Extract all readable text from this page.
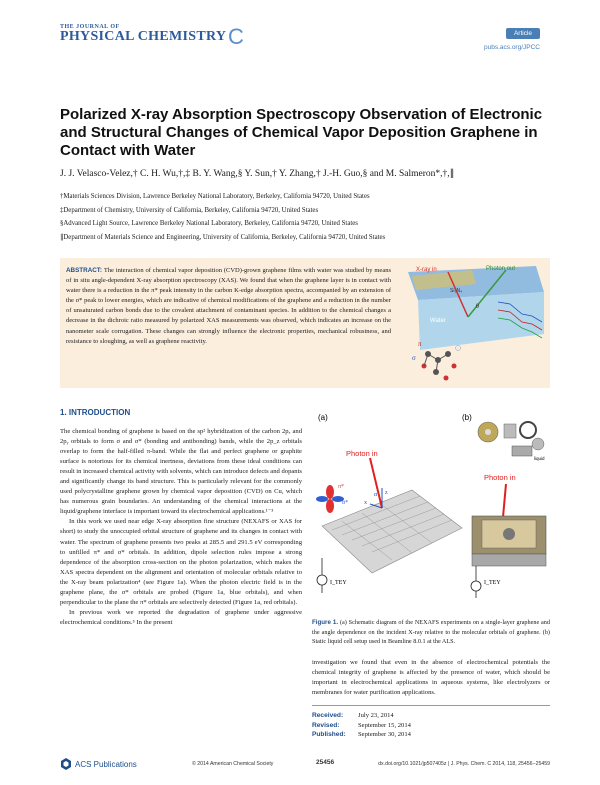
THE JOURNAL OF
PHYSICAL CHEMISTRY C	Article
pubs.acs.org/JPCC
Polarized X-ray Absorption Spectroscopy Observation of Electronic and Structural Changes of Chemical Vapor Deposition Graphene in Contact with Water
J. J. Velasco-Velez,† C. H. Wu,†,‡ B. Y. Wang,§ Y. Sun,† Y. Zhang,† J.-H. Guo,§ and M. Salmeron*,†,∥
†Materials Sciences Division, Lawrence Berkeley National Laboratory, Berkeley, California 94720, United States
‡Department of Chemistry, University of California, Berkeley, California 94720, United States
§Advanced Light Source, Lawrence Berkeley National Laboratory, Berkeley, California 94720, United States
∥Department of Materials Science and Engineering, University of California, Berkeley, California 94720, United States

ABSTRACT: The interaction of chemical vapor deposition (CVD)-grown graphene films with water was studied by means of in situ angle-dependent X-ray absorption spectroscopy (XAS). We found that when the graphene layer is in contact with water there is a reduction in the π* peak intensity in the carbon K-edge absorption spectra, accompanied by an extension of the σ* peak to lower energies, which are indicative of chemical modifications of the graphene and a reduction in the number of unsaturated carbon bonds due to the covalent attachment of contaminant species. In addition to the chemical changes a decrease in the dichroic ratio measured by polarized XAS measurements was observed, which indicates an increase on the nanometer scale corrugation. These changes can strongly influence the electronic properties, mechanical robustness, and resistance to sloughing, as well as graphene reactivity.

X-ray in	Photon out
Si₃N₄
Water
θ
π
σ
1. INTRODUCTION

The chemical bonding of graphene is based on the sp² hybridization of the carbon 2pₓ and 2pᵧ orbitals to form σ and σ* (bonding and antibonding) bands, while the 2p_z orbitals overlap to form the half-filled π-band. While the flat and perfect graphene or graphite surface is notorious for its chemical inertness, deviations from these ideal conditions can result in increased chemical activity with solvents, which can introduce defects and dopants and significantly change its band structure. This is particularly relevant for the commonly used polycrystalline graphene grown by chemical vapor deposition (CVD) on Cu, which has numerous grain boundaries. An understanding of the chemical interactions at the liquid/graphene interface is important toward its electrochemical applications.¹⁻³

In this work we used near edge X-ray absorption fine structure (NEXAFS or XAS for short) to study the unoccupied orbital structure of graphene and its changes in contact with water. The spectrum of graphene presents two peaks at 285.5 and 291.5 eV corresponding to unfilled π* and σ* orbitals. In addition, dipole selection rules impose a strong dependence of the absorption cross-section on the photon polarization, which makes the XAS spectra dependent on the alignment and orientation of molecular orbitals relative to the X-ray beam polarization⁴ (see Figure 1a). When the photon electric field is in the graphene plane, the σ* orbitals are probed (Figure 1a, blue orbitals), and when perpendicular to the plane the π* orbitals are selectively detected (Figure 1a, red orbitals).

In previous work we reported the degradation of graphene under aggressive electrochemical conditions.⁵ In the present

(a)
π*
σ*
Photon in
z
x
α
I_TEY
(b)
liquid
Photon in
I_TEY

Figure 1. (a) Schematic diagram of the NEXAFS experiments on a single-layer graphene and the angle dependence on the incident X-ray relative to the molecular orbitals of graphene. (b) Static liquid cell setup used in Beamline 8.0.1 at the ALS.

investigation we found that even in the absence of electrochemical potentials the chemical integrity of graphene is affected by the presence of water, which should be important in electrochemical applications in aqueous systems, like electrolyzers or membranes for water purification applications.

Received: July 23, 2014
Revised:	September 15, 2014
Published: September 30, 2014
ACS Publications	© 2014 American Chemical Society	25456	dx.doi.org/10.1021/jp507405z | J. Phys. Chem. C 2014, 118, 25456−25459
